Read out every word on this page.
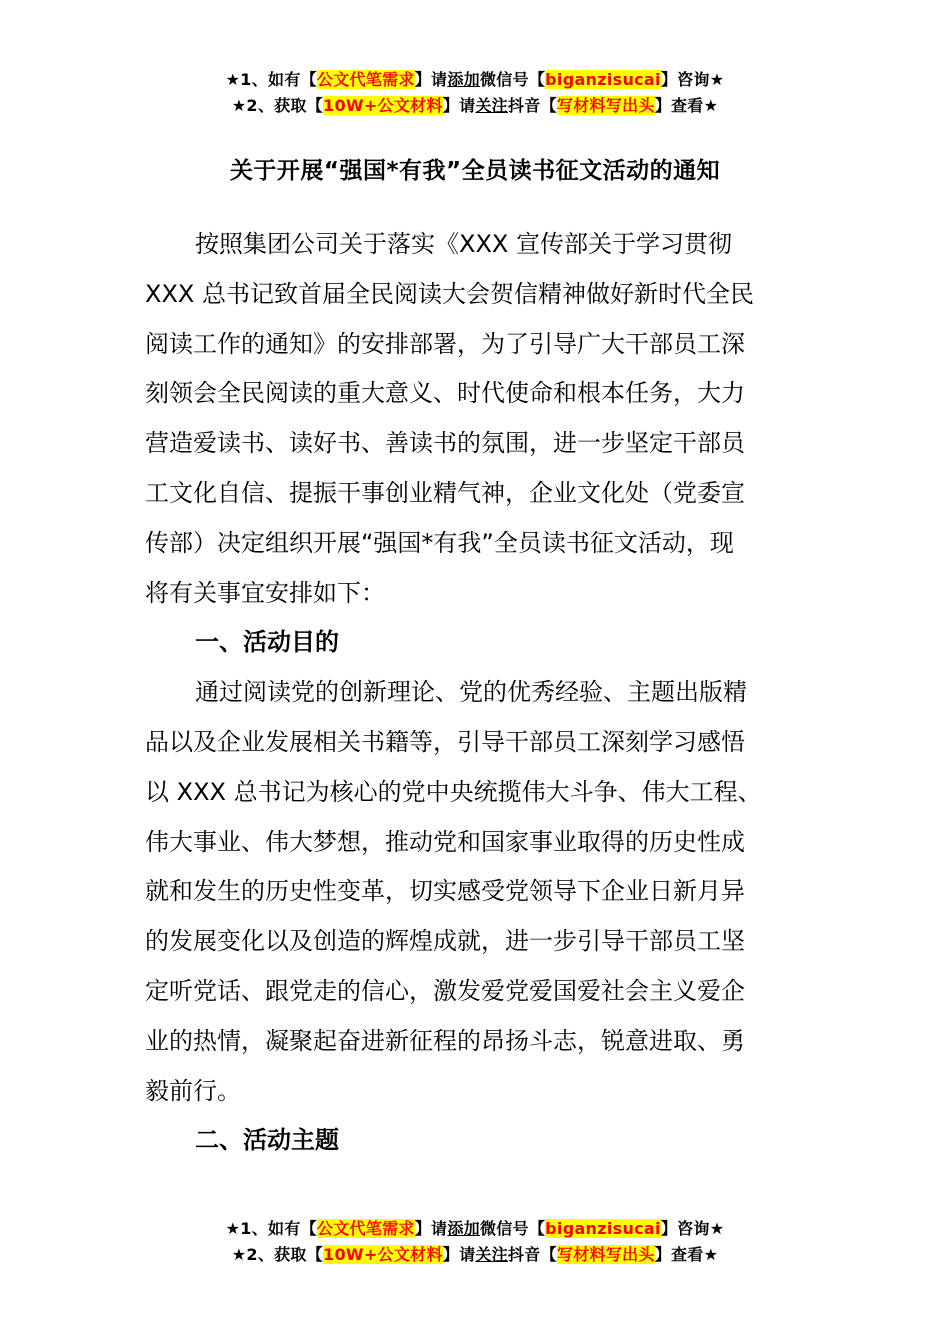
★1、如有【公文代笔需求】请添加微信号【biganzisucai】咨询★
★2、获取【10W+公文材料】请关注抖音【写材料写出头】查看★
关于开展“强国*有我”全员读书征文活动的通知

按照集团公司关于落实《XXX 宣传部关于学习贯彻

XXX 总书记致首届全民阅读大会贺信精神做好新时代全民

阅读工作的通知》的安排部署，为了引导广大干部员工深

刻领会全民阅读的重大意义、时代使命和根本任务，大力

营造爱读书、读好书、善读书的氛围，进一步坚定干部员

工文化自信、提振干事创业精气神，企业文化处（党委宣

传部）决定组织开展“强国*有我”全员读书征文活动，现

将有关事宜安排如下：

一、活动目的

通过阅读党的创新理论、党的优秀经验、主题出版精

品以及企业发展相关书籍等，引导干部员工深刻学习感悟

以 XXX 总书记为核心的党中央统揽伟大斗争、伟大工程、

伟大事业、伟大梦想，推动党和国家事业取得的历史性成

就和发生的历史性变革，切实感受党领导下企业日新月异

的发展变化以及创造的辉煌成就，进一步引导干部员工坚

定听党话、跟党走的信心，激发爱党爱国爱社会主义爱企

业的热情，凝聚起奋进新征程的昂扬斗志，锐意进取、勇

毅前行。

二、活动主题

★1、如有【公文代笔需求】请添加微信号【biganzisucai】咨询★
★2、获取【10W+公文材料】请关注抖音【写材料写出头】查看★
